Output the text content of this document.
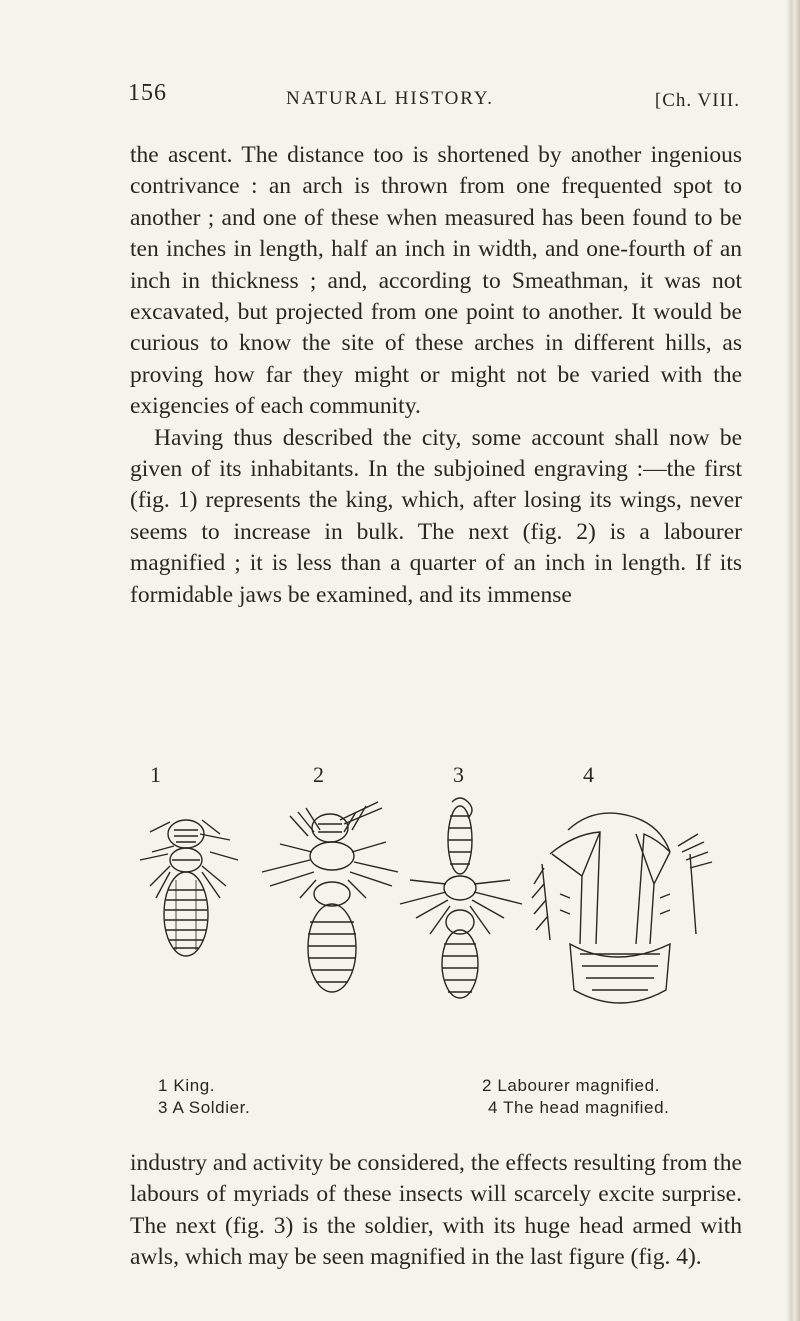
156	NATURAL HISTORY.	[Ch. VIII.

the ascent. The distance too is shortened by another ingenious contrivance : an arch is thrown from one frequented spot to another ; and one of these when measured has been found to be ten inches in length, half an inch in width, and one-fourth of an inch in thickness ; and, according to Smeathman, it was not excavated, but projected from one point to another. It would be curious to know the site of these arches in different hills, as proving how far they might or might not be varied with the exigencies of each community.

Having thus described the city, some account shall now be given of its inhabitants. In the subjoined engraving :—the first (fig. 1) represents the king, which, after losing its wings, never seems to increase in bulk. The next (fig. 2) is a labourer magnified ; it is less than a quarter of an inch in length. If its formidable jaws be examined, and its immense

1	2	3	4
1 King.	2 Labourer magnified.
3 A Soldier.	4 The head magnified.

industry and activity be considered, the effects resulting from the labours of myriads of these insects will scarcely excite surprise. The next (fig. 3) is the soldier, with its huge head armed with awls, which may be seen magnified in the last figure (fig. 4).
